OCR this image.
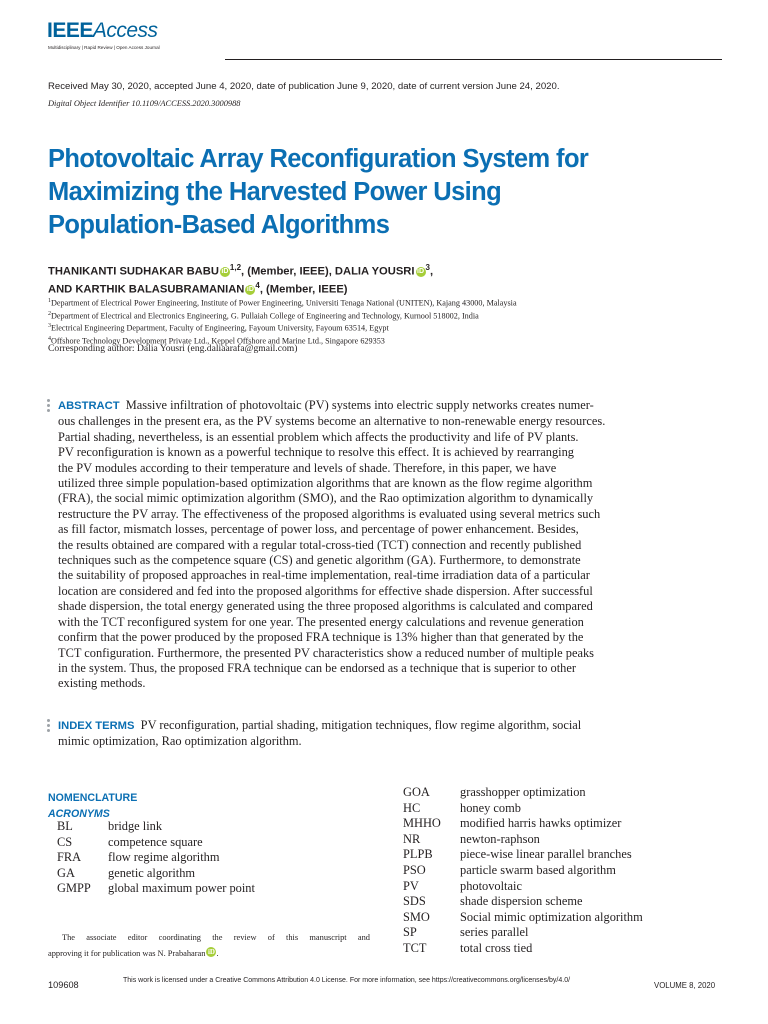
IEEEAccess
Multidisciplinary | Rapid Review | Open Access Journal
Received May 30, 2020, accepted June 4, 2020, date of publication June 9, 2020, date of current version June 24, 2020.
Digital Object Identifier 10.1109/ACCESS.2020.3000988
Photovoltaic Array Reconfiguration System for
Maximizing the Harvested Power Using
Population-Based Algorithms
THANIKANTI SUDHAKAR BABU iD $^{1,2}$, (Member, IEEE), DALIA YOUSRI iD $^3$,
AND KARTHIK BALASUBRAMANIAN iD $^4$, (Member, IEEE)
$^1$Department of Electrical Power Engineering, Institute of Power Engineering, Universiti Tenaga National (UNITEN), Kajang 43000, Malaysia
$^2$Department of Electrical and Electronics Engineering, G. Pullaiah College of Engineering and Technology, Kurnool 518002, India
$^3$Electrical Engineering Department, Faculty of Engineering, Fayoum University, Fayoum 63514, Egypt
$^4$Offshore Technology Development Private Ltd., Keppel Offshore and Marine Ltd., Singapore 629353
Corresponding author: Dalia Yousri (eng.daliaarafa@gmail.com)
ABSTRACT Massive infiltration of photovoltaic (PV) systems into electric supply networks creates numer-
ous challenges in the present era, as the PV systems become an alternative to non-renewable energy resources.
Partial shading, nevertheless, is an essential problem which affects the productivity and life of PV plants.
PV reconfiguration is known as a powerful technique to resolve this effect. It is achieved by rearranging
the PV modules according to their temperature and levels of shade. Therefore, in this paper, we have
utilized three simple population-based optimization algorithms that are known as the flow regime algorithm
(FRA), the social mimic optimization algorithm (SMO), and the Rao optimization algorithm to dynamically
restructure the PV array. The effectiveness of the proposed algorithms is evaluated using several metrics such
as fill factor, mismatch losses, percentage of power loss, and percentage of power enhancement. Besides,
the results obtained are compared with a regular total-cross-tied (TCT) connection and recently published
techniques such as the competence square (CS) and genetic algorithm (GA). Furthermore, to demonstrate
the suitability of proposed approaches in real-time implementation, real-time irradiation data of a particular
location are considered and fed into the proposed algorithms for effective shade dispersion. After successful
shade dispersion, the total energy generated using the three proposed algorithms is calculated and compared
with the TCT reconfigured system for one year. The presented energy calculations and revenue generation
confirm that the power produced by the proposed FRA technique is 13% higher than that generated by the
TCT configuration. Furthermore, the presented PV characteristics show a reduced number of multiple peaks
in the system. Thus, the proposed FRA technique can be endorsed as a technique that is superior to other
existing methods.
INDEX TERMS PV reconfiguration, partial shading, mitigation techniques, flow regime algorithm, social
mimic optimization, Rao optimization algorithm.
NOMENCLATURE
ACRONYMS
BL	bridge link
CS	competence square
FRA flow regime algorithm
GA	genetic algorithm
GMPP global maximum power point
The associate editor coordinating the review of this manuscript and
approving it for publication was N. Prabaharan iD .
GOA grasshopper optimization
HC	honey comb
MHHO modified harris hawks optimizer
NR	newton-raphson
PLPB piece-wise linear parallel branches
PSO	particle swarm based algorithm
PV	photovoltaic
SDS	shade dispersion scheme
SMO Social mimic optimization algorithm
SP	series parallel
TCT	total cross tied
109608	This work is licensed under a Creative Commons Attribution 4.0 License. For more information, see https://creativecommons.org/licenses/by/4.0/
VOLUME 8, 2020
